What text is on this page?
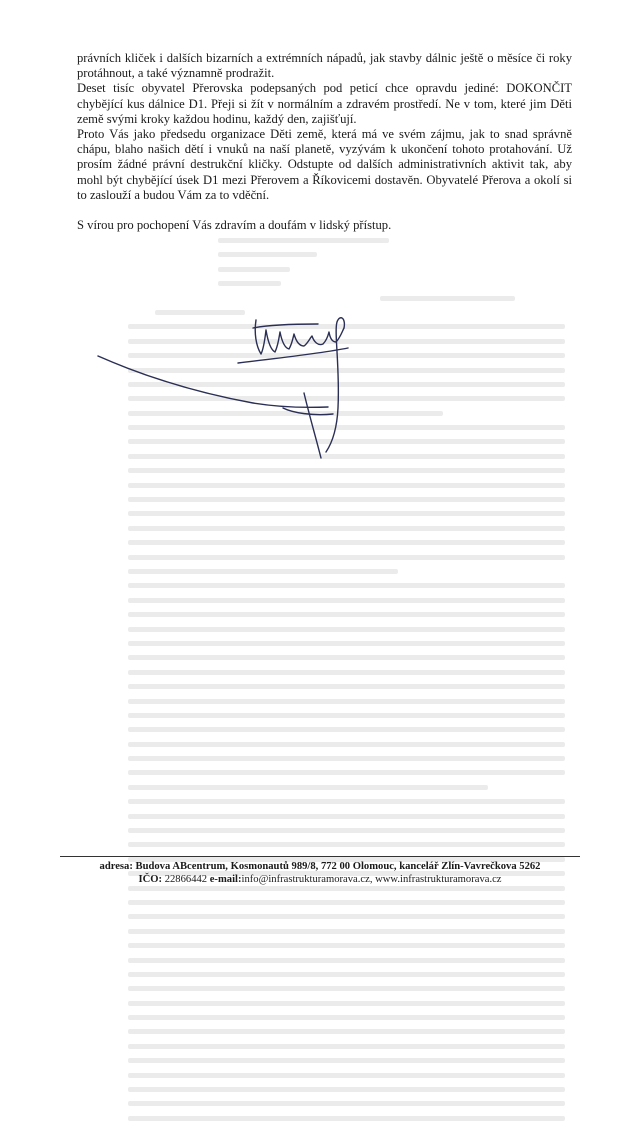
právních kliček i dalších bizarních a extrémních nápadů, jak stavby dálnic ještě o měsíce či roky protáhnout, a také významně prodražit.

Deset tisíc obyvatel Přerovska podepsaných pod peticí chce opravdu jediné: DOKONČIT chybějící kus dálnice D1. Přeji si žít v normálním a zdravém prostředí. Ne v tom, které jim Děti země svými kroky každou hodinu, každý den, zajišťují.

Proto Vás jako předsedu organizace Děti země, která má ve svém zájmu, jak to snad správně chápu, blaho našich dětí i vnuků na naší planetě, vyzývám k ukončení tohoto protahování. Už prosím žádné právní destrukční kličky. Odstupte od dalších administrativních aktivit tak, aby mohl být chybějící úsek D1 mezi Přerovem a Říkovicemi dostavěn. Obyvatelé Přerova a okolí si to zaslouží a budou Vám za to vděční.

S vírou pro pochopení Vás zdravím a doufám v lidský přístup.

adresa: Budova ABcentrum, Kosmonautů 989/8, 772 00 Olomouc, kancelář Zlín-Vavrečkova 5262
IČO: 22866442 e-mail:info@infrastrukturamorava.cz, www.infrastrukturamorava.cz
